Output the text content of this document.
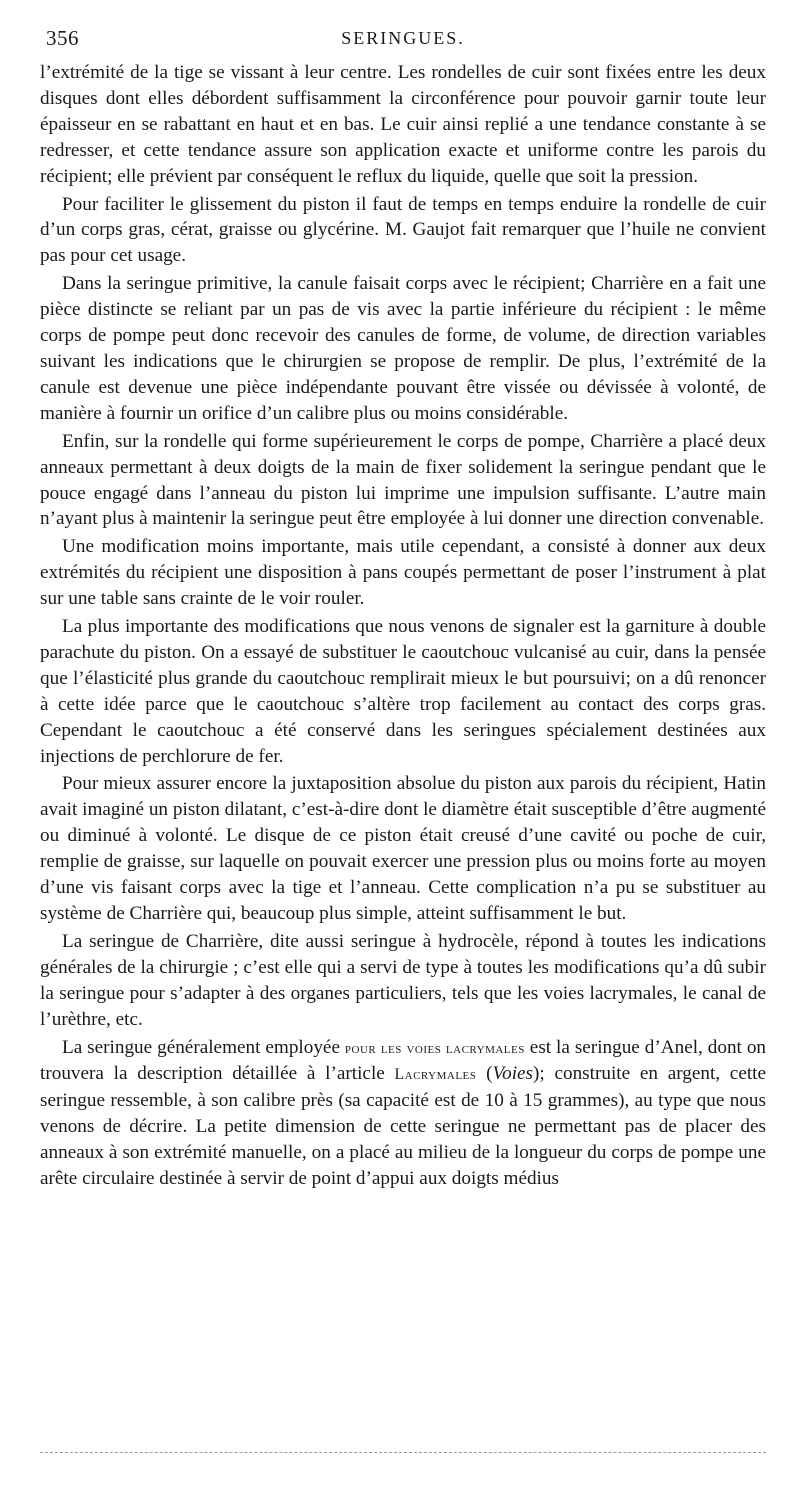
356	SERINGUES.

l’extrémité de la tige se vissant à leur centre. Les rondelles de cuir sont fixées entre les deux disques dont elles débordent suffisamment la circonférence pour pouvoir garnir toute leur épaisseur en se rabattant en haut et en bas. Le cuir ainsi replié a une tendance constante à se redresser, et cette tendance assure son application exacte et uniforme contre les parois du récipient; elle prévient par conséquent le reflux du liquide, quelle que soit la pression.

Pour faciliter le glissement du piston il faut de temps en temps enduire la rondelle de cuir d’un corps gras, cérat, graisse ou glycérine. M. Gaujot fait remarquer que l’huile ne convient pas pour cet usage.

Dans la seringue primitive, la canule faisait corps avec le récipient; Charrière en a fait une pièce distincte se reliant par un pas de vis avec la partie inférieure du récipient : le même corps de pompe peut donc recevoir des canules de forme, de volume, de direction variables suivant les indications que le chirurgien se propose de remplir. De plus, l’extrémité de la canule est devenue une pièce indépendante pouvant être vissée ou dévissée à volonté, de manière à fournir un orifice d’un calibre plus ou moins considérable.

Enfin, sur la rondelle qui forme supérieurement le corps de pompe, Charrière a placé deux anneaux permettant à deux doigts de la main de fixer solidement la seringue pendant que le pouce engagé dans l’anneau du piston lui imprime une impulsion suffisante. L’autre main n’ayant plus à maintenir la seringue peut être employée à lui donner une direction convenable.

Une modification moins importante, mais utile cependant, a consisté à donner aux deux extrémités du récipient une disposition à pans coupés permettant de poser l’instrument à plat sur une table sans crainte de le voir rouler.

La plus importante des modifications que nous venons de signaler est la garniture à double parachute du piston. On a essayé de substituer le caoutchouc vulcanisé au cuir, dans la pensée que l’élasticité plus grande du caoutchouc remplirait mieux le but poursuivi; on a dû renoncer à cette idée parce que le caoutchouc s’altère trop facilement au contact des corps gras. Cependant le caoutchouc a été conservé dans les seringues spécialement destinées aux injections de perchlorure de fer.

Pour mieux assurer encore la juxtaposition absolue du piston aux parois du récipient, Hatin avait imaginé un piston dilatant, c’est-à-dire dont le diamètre était susceptible d’être augmenté ou diminué à volonté. Le disque de ce piston était creusé d’une cavité ou poche de cuir, remplie de graisse, sur laquelle on pouvait exercer une pression plus ou moins forte au moyen d’une vis faisant corps avec la tige et l’anneau. Cette complication n’a pu se substituer au système de Charrière qui, beaucoup plus simple, atteint suffisamment le but.

La seringue de Charrière, dite aussi seringue à hydrocèle, répond à toutes les indications générales de la chirurgie ; c’est elle qui a servi de type à toutes les modifications qu’a dû subir la seringue pour s’adapter à des organes particuliers, tels que les voies lacrymales, le canal de l’urèthre, etc.

La seringue généralement employée pour les voies lacrymales est la seringue d’Anel, dont on trouvera la description détaillée à l’article Lacrymales (Voies); construite en argent, cette seringue ressemble, à son calibre près (sa capacité est de 10 à 15 grammes), au type que nous venons de décrire. La petite dimension de cette seringue ne permettant pas de placer des anneaux à son extrémité manuelle, on a placé au milieu de la longueur du corps de pompe une arête circulaire destinée à servir de point d’appui aux doigts médius
